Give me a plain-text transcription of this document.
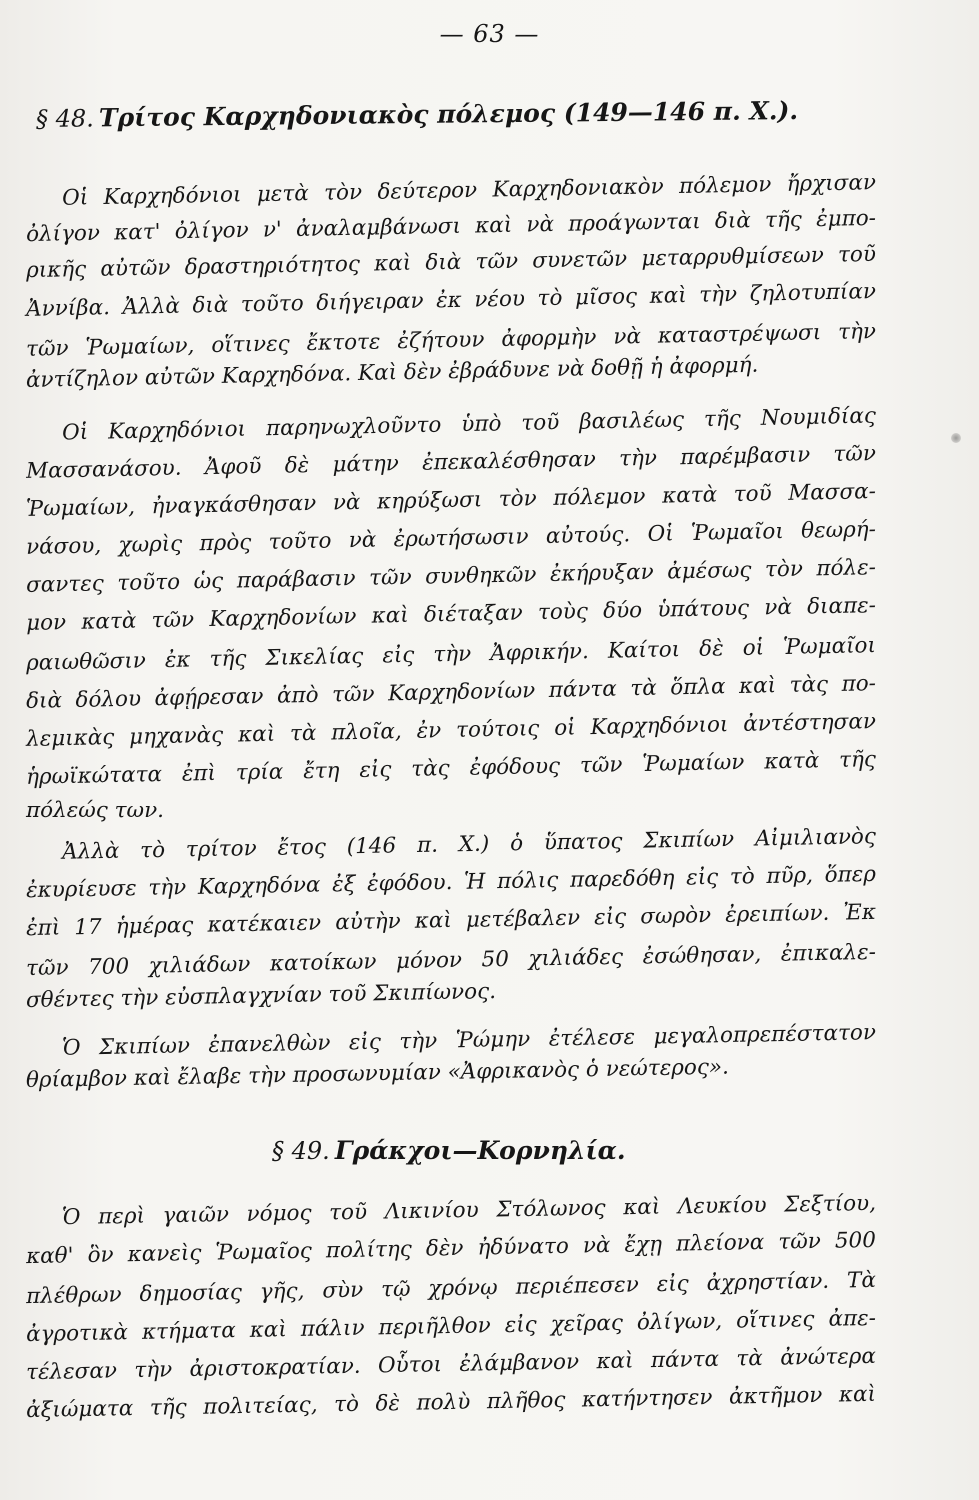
— 63 —
§ 48. Τρίτος Καρχηδονιακὸς πόλεμος (149—146 π. Χ.).
Οἱ Καρχηδόνιοι μετὰ τὸν δεύτερον Καρχηδονιακὸν πόλεμον ἤρχισαν
ὀλίγον κατ' ὀλίγον ν' ἀναλαμβάνωσι καὶ νὰ προάγωνται διὰ τῆς ἐμπο-
ρικῆς αὐτῶν δραστηριότητος καὶ διὰ τῶν συνετῶν μεταρρυθμίσεων τοῦ
Ἀννίβα. Ἀλλὰ διὰ τοῦτο διήγειραν ἐκ νέου τὸ μῖσος καὶ τὴν ζηλοτυπίαν
τῶν Ῥωμαίων, οἵτινες ἔκτοτε ἐζήτουν ἀφορμὴν νὰ καταστρέψωσι τὴν
ἀντίζηλον αὐτῶν Καρχηδόνα. Καὶ δὲν ἐβράδυνε νὰ δοθῇ ἡ ἀφορμή.
Οἱ Καρχηδόνιοι παρηνωχλοῦντο ὑπὸ τοῦ βασιλέως τῆς Νουμιδίας
Μασσανάσου. Ἀφοῦ δὲ μάτην ἐπεκαλέσθησαν τὴν παρέμβασιν τῶν
Ῥωμαίων, ἠναγκάσθησαν νὰ κηρύξωσι τὸν πόλεμον κατὰ τοῦ Μασσα-
νάσου, χωρὶς πρὸς τοῦτο νὰ ἐρωτήσωσιν αὐτούς. Οἱ Ῥωμαῖοι θεωρή-
σαντες τοῦτο ὡς παράβασιν τῶν συνθηκῶν ἐκήρυξαν ἀμέσως τὸν πόλε-
μον κατὰ τῶν Καρχηδονίων καὶ διέταξαν τοὺς δύο ὑπάτους νὰ διαπε-
ραιωθῶσιν ἐκ τῆς Σικελίας εἰς τὴν Ἀφρικήν. Καίτοι δὲ οἱ Ῥωμαῖοι
διὰ δόλου ἀφῄρεσαν ἀπὸ τῶν Καρχηδονίων πάντα τὰ ὅπλα καὶ τὰς πο-
λεμικὰς μηχανὰς καὶ τὰ πλοῖα, ἐν τούτοις οἱ Καρχηδόνιοι ἀντέστησαν
ἡρωϊκώτατα ἐπὶ τρία ἔτη εἰς τὰς ἐφόδους τῶν Ῥωμαίων κατὰ τῆς
πόλεώς των.
Ἀλλὰ τὸ τρίτον ἔτος (146 π. Χ.) ὁ ὕπατος Σκιπίων Αἰμιλιανὸς
ἐκυρίευσε τὴν Καρχηδόνα ἐξ ἐφόδου. Ἡ πόλις παρεδόθη εἰς τὸ πῦρ, ὅπερ
ἐπὶ 17 ἡμέρας κατέκαιεν αὐτὴν καὶ μετέβαλεν εἰς σωρὸν ἐρειπίων. Ἐκ
τῶν 700 χιλιάδων κατοίκων μόνον 50 χιλιάδες ἐσώθησαν, ἐπικαλε-
σθέντες τὴν εὐσπλαγχνίαν τοῦ Σκιπίωνος.
Ὁ Σκιπίων ἐπανελθὼν εἰς τὴν Ῥώμην ἐτέλεσε μεγαλοπρεπέστατον
θρίαμβον καὶ ἔλαβε τὴν προσωνυμίαν «Ἀφρικανὸς ὁ νεώτερος».
§ 49. Γράκχοι—Κορνηλία.
Ὁ περὶ γαιῶν νόμος τοῦ Λικινίου Στόλωνος καὶ Λευκίου Σεξτίου,
καθ' ὃν κανεὶς Ῥωμαῖος πολίτης δὲν ἠδύνατο νὰ ἔχῃ πλείονα τῶν 500
πλέθρων δημοσίας γῆς, σὺν τῷ χρόνῳ περιέπεσεν εἰς ἀχρηστίαν. Τὰ
ἀγροτικὰ κτήματα καὶ πάλιν περιῆλθον εἰς χεῖρας ὀλίγων, οἵτινες ἀπε-
τέλεσαν τὴν ἀριστοκρατίαν. Οὗτοι ἐλάμβανον καὶ πάντα τὰ ἀνώτερα
ἀξιώματα τῆς πολιτείας, τὸ δὲ πολὺ πλῆθος κατήντησεν ἀκτῆμον καὶ
